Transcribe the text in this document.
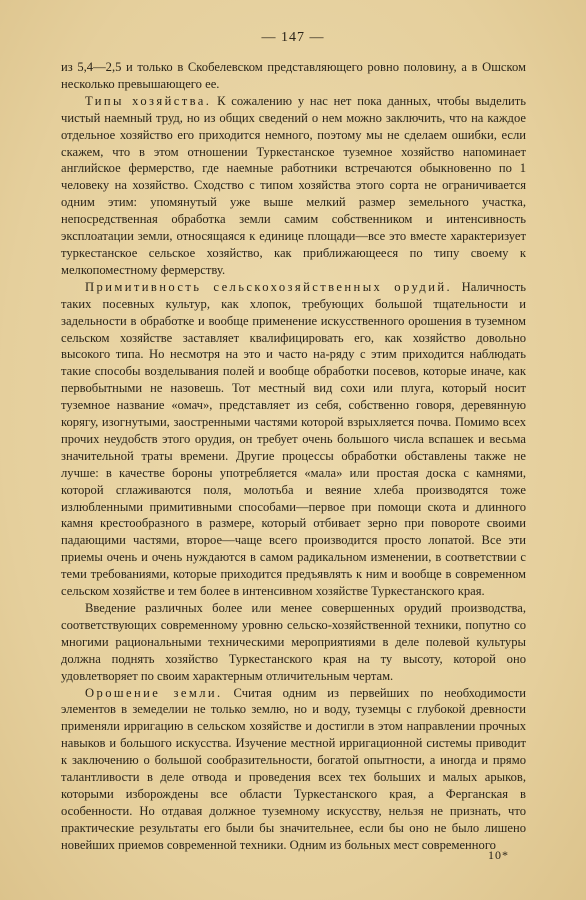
— 147 —

из 5,4—2,5 и только в Скобелевском представляющего ровно половину, а в Ошском несколько превышающего ее.

Типы хозяйства. К сожалению у нас нет пока данных, чтобы выделить чистый наемный труд, но из общих сведений о нем можно заключить, что на каждое отдельное хозяйство его приходится немного, поэтому мы не сделаем ошибки, если скажем, что в этом отношении Туркестанское туземное хозяйство напоминает английское фермерство, где наемные работники встречаются обыкновенно по 1 человеку на хозяйство. Сходство с типом хозяйства этого сорта не ограничивается одним этим: упомянутый уже выше мелкий размер земельного участка, непосредственная обработка земли самим собственником и интенсивность эксплоатации земли, относящаяся к единице площади—все это вместе характеризует туркестанское сельское хозяйство, как приближающееся по типу своему к мелкопоместному фермерству.

Примитивность сельскохозяйственных орудий. Наличность таких посевных культур, как хлопок, требующих большой тщательности и задельности в обработке и вообще применение искусственного орошения в туземном сельском хозяйстве заставляет квалифицировать его, как хозяйство довольно высокого типа. Но несмотря на это и часто на-ряду с этим приходится наблюдать такие способы возделывания полей и вообще обработки посевов, которые иначе, как первобытными не назовешь. Тот местный вид сохи или плуга, который носит туземное название «омач», представляет из себя, собственно говоря, деревянную корягу, изогнутыми, заостренными частями которой взрыхляется почва. Помимо всех прочих неудобств этого орудия, он требует очень большого числа вспашек и весьма значительной траты времени. Другие процессы обработки обставлены также не лучше: в качестве бороны употребляется «мала» или простая доска с камнями, которой сглаживаются поля, молотьба и веяние хлеба производятся тоже излюбленными примитивными способами—первое при помощи скота и длинного камня крестообразного в размере, который отбивает зерно при повороте своими падающими частями, второе—чаще всего производится просто лопатой. Все эти приемы очень и очень нуждаются в самом радикальном изменении, в соответствии с теми требованиями, которые приходится предъявлять к ним и вообще в современном сельском хозяйстве и тем более в интенсивном хозяйстве Туркестанского края.

Введение различных более или менее совершенных орудий производства, соответствующих современному уровню сельско-хозяйственной техники, попутно со многими рациональными техническими мероприятиями в деле полевой культуры должна поднять хозяйство Туркестанского края на ту высоту, которой оно удовлетворяет по своим характерным отличительным чертам.

Орошение земли. Считая одним из первейших по необходимости элементов в земеделии не только землю, но и воду, туземцы с глубокой древности применяли ирригацию в сельском хозяйстве и достигли в этом направлении прочных навыков и большого искусства. Изучение местной ирригационной системы приводит к заключению о большой сообразительности, богатой опытности, а иногда и прямо талантливости в деле отвода и проведения всех тех больших и малых арыков, которыми изборождены все области Туркестанского края, а Ферганская в особенности. Но отдавая должное туземному искусству, нельзя не признать, что практические результаты его были бы значительнее, если бы оно не было лишено новейших приемов современной техники. Одним из больных мест современного

10*
